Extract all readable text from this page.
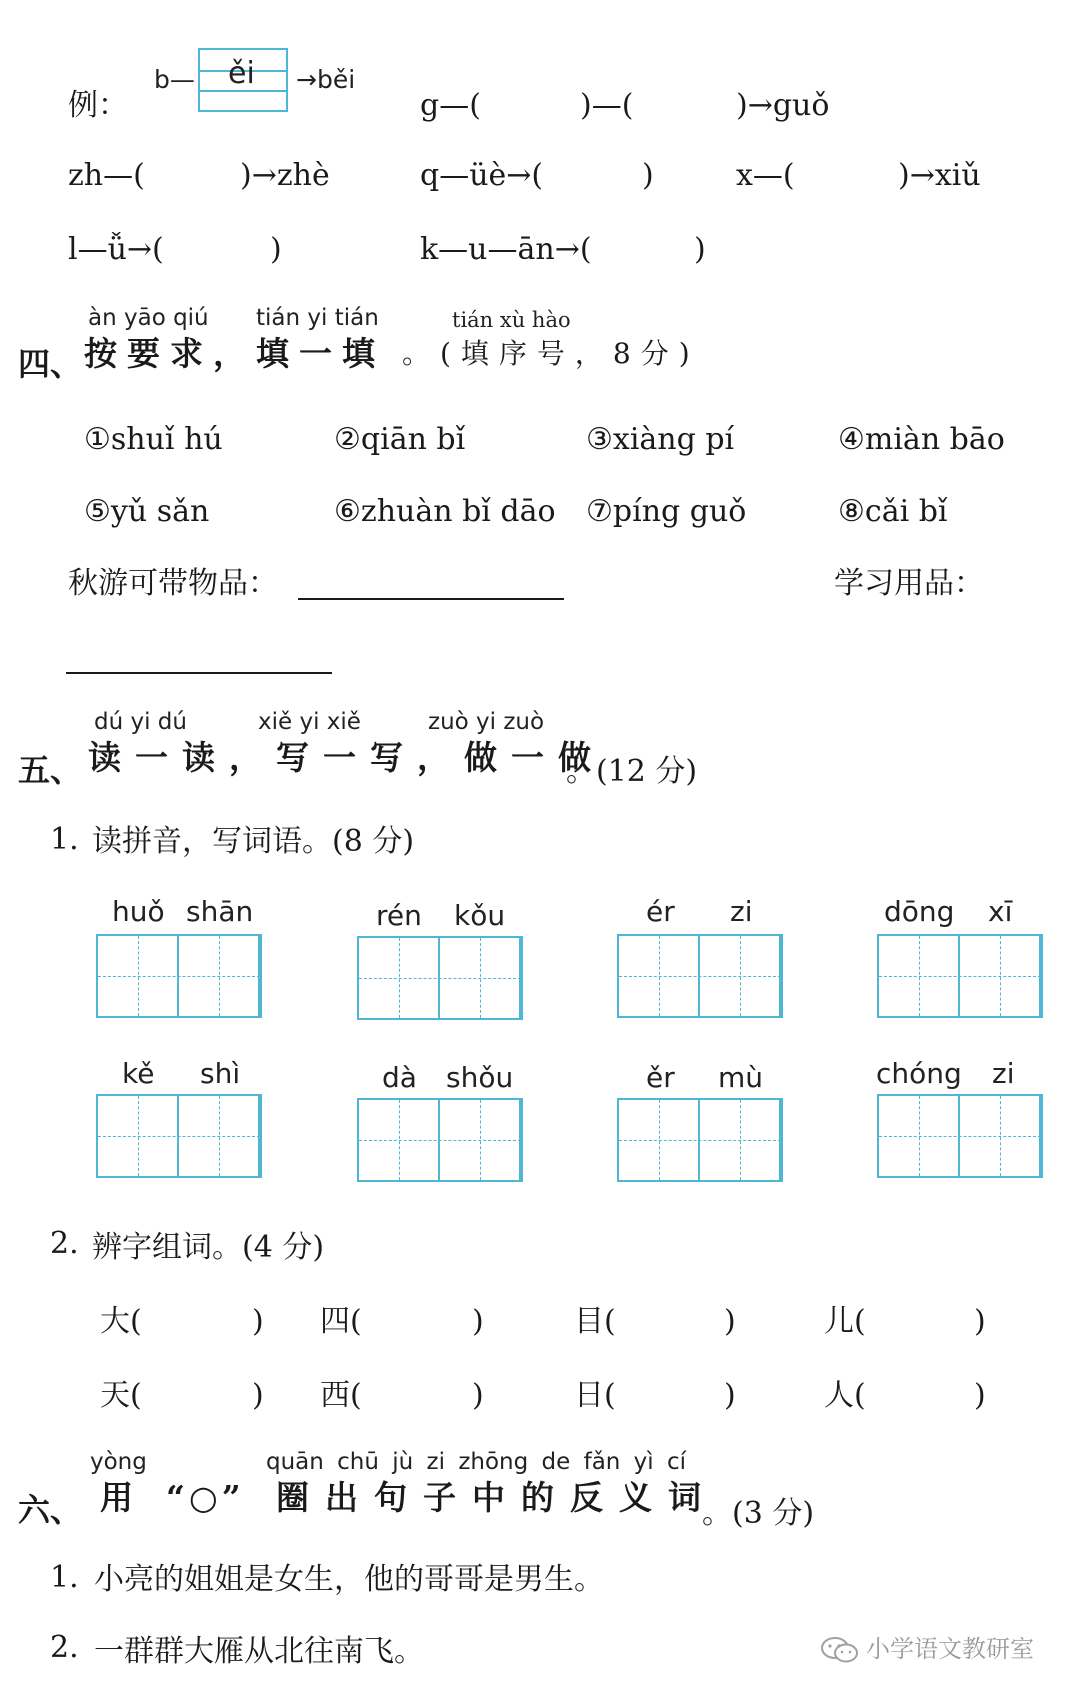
例：
b— ěi →běi
g—(	)—(	)→guǒ
zh—(	)→zhè	q—üè→(	)	x—(	)→xiǔ
l—ǚ→(	)	k—u—ān→(	)
àn yāo qiú tián yi tián	tián xù hào
四、 按要求，填一填 。(填序号，8分)
①shuǐ hú	②qiān bǐ	③xiàng pí	④miàn bāo
⑤yǔ sǎn	⑥zhuàn bǐ dāo ⑦píng guǒ	⑧cǎi bǐ
秋游可带物品：	学习用品：
dú yi dú	xiě yi xiě	zuò yi zuò
五、 读一读，写一写，做一做
。(12 分)
1. 读拼音，写词语。(8 分)
huǒ shān	rén kǒu	ér zi	dōng xī
kě shì	dà shǒu	ěr mù	chóng zi
2. 辨字组词。(4 分)
大(	) 四(	)	目(	)	儿(	)
天(	) 西(	)	日(	)	人(	)
yòng	quān chū jù zi zhōng de fǎn yì cí
六、 用 “○” 圈出句子中的反义词
。(3 分)
1. 小亮的姐姐是女生，他的哥哥是男生。
2. 一群群大雁从北往南飞。	小学语文教研室
